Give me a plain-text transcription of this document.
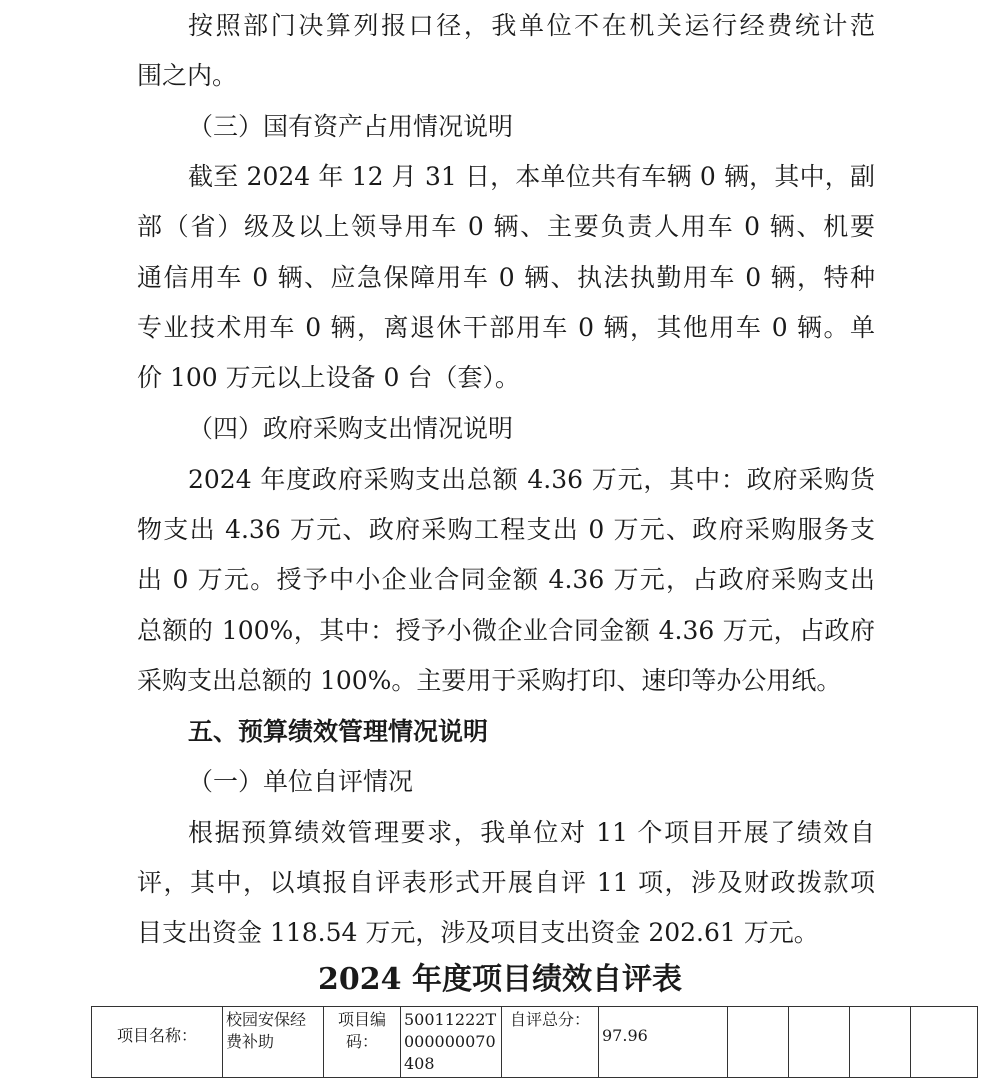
按照部门决算列报口径，我单位不在机关运行经费统计范
围之内。
（三）国有资产占用情况说明
截至 2024 年 12 月 31 日，本单位共有车辆 0 辆，其中，副
部（省）级及以上领导用车 0 辆、主要负责人用车 0 辆、机要
通信用车 0 辆、应急保障用车 0 辆、执法执勤用车 0 辆，特种
专业技术用车 0 辆，离退休干部用车 0 辆，其他用车 0 辆。单
价 100 万元以上设备 0 台（套）。
（四）政府采购支出情况说明
2024 年度政府采购支出总额 4.36 万元，其中：政府采购货
物支出 4.36 万元、政府采购工程支出 0 万元、政府采购服务支
出 0 万元。授予中小企业合同金额 4.36 万元，占政府采购支出
总额的 100%，其中：授予小微企业合同金额 4.36 万元，占政府
采购支出总额的 100%。主要用于采购打印、速印等办公用纸。
五、预算绩效管理情况说明
（一）单位自评情况
根据预算绩效管理要求，我单位对 11 个项目开展了绩效自
评，其中，以填报自评表形式开展自评 11 项，涉及财政拨款项
目支出资金 118.54 万元，涉及项目支出资金 202.61 万元。
2024 年度项目绩效自评表
项目名称：	校园安保经费补助	项目编码：	50011222T000000070408	自评总分：	97.96				
